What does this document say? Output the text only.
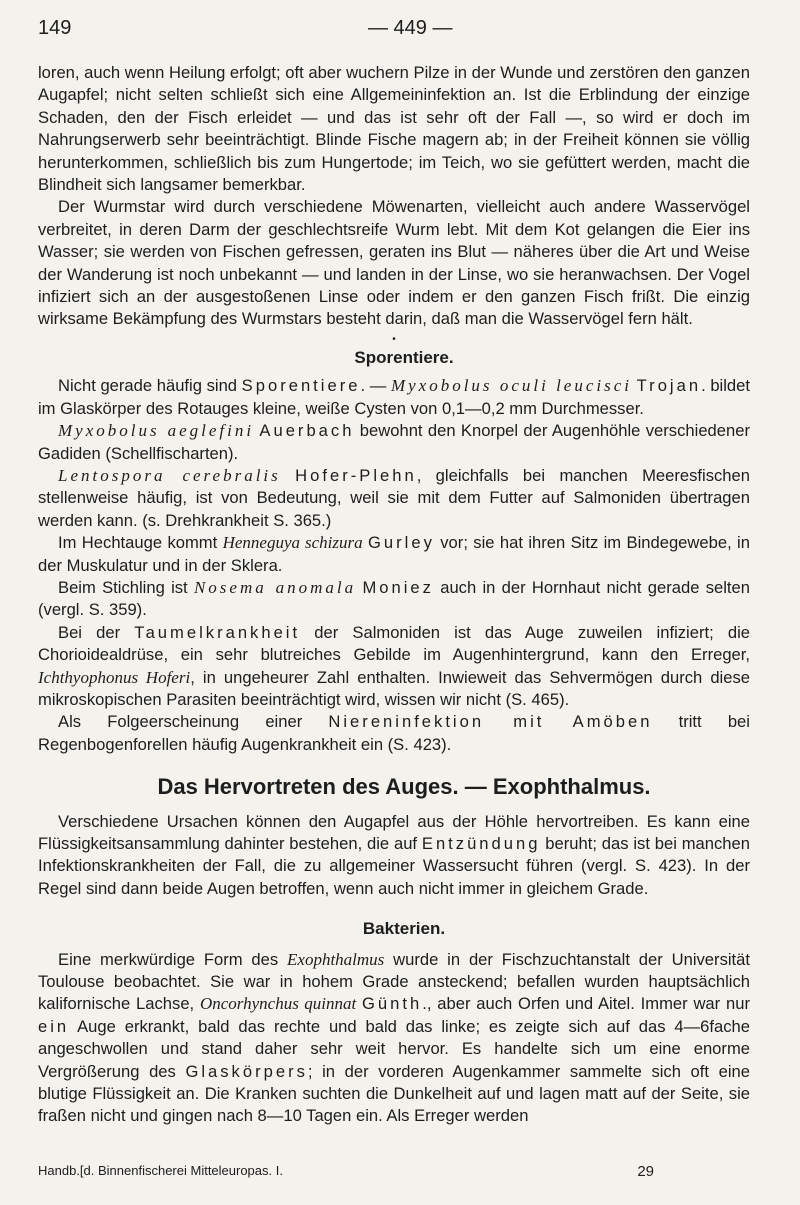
149	— 449 —

loren, auch wenn Heilung erfolgt; oft aber wuchern Pilze in der Wunde und zerstören den ganzen Augapfel; nicht selten schließt sich eine Allgemeininfektion an. Ist die Erblindung der einzige Schaden, den der Fisch erleidet — und das ist sehr oft der Fall —, so wird er doch im Nahrungserwerb sehr beeinträchtigt. Blinde Fische magern ab; in der Freiheit können sie völlig herunterkommen, schließlich bis zum Hungertode; im Teich, wo sie gefüttert werden, macht die Blindheit sich langsamer bemerkbar.

Der Wurmstar wird durch verschiedene Möwenarten, vielleicht auch andere Wasservögel verbreitet, in deren Darm der geschlechtsreife Wurm lebt. Mit dem Kot gelangen die Eier ins Wasser; sie werden von Fischen gefressen, geraten ins Blut — näheres über die Art und Weise der Wanderung ist noch unbekannt — und landen in der Linse, wo sie heranwachsen. Der Vogel infiziert sich an der ausgestoßenen Linse oder indem er den ganzen Fisch frißt. Die einzig wirksame Bekämpfung des Wurmstars besteht darin, daß man die Wasservögel fern hält.

•

Sporentiere.

Nicht gerade häufig sind Sporentiere. — Myxobolus oculi leucisci Trojan. bildet im Glaskörper des Rotauges kleine, weiße Cysten von 0,1—0,2 mm Durchmesser.

Myxobolus aeglefini Auerbach bewohnt den Knorpel der Augenhöhle verschiedener Gadiden (Schellfischarten).

Lentospora cerebralis Hofer-Plehn, gleichfalls bei manchen Meeresfischen stellenweise häufig, ist von Bedeutung, weil sie mit dem Futter auf Salmoniden übertragen werden kann. (s. Drehkrankheit S. 365.)

Im Hechtauge kommt Henneguya schizura Gurley vor; sie hat ihren Sitz im Bindegewebe, in der Muskulatur und in der Sklera.

Beim Stichling ist Nosema anomala Moniez auch in der Hornhaut nicht gerade selten (vergl. S. 359).

Bei der Taumelkrankheit der Salmoniden ist das Auge zuweilen infiziert; die Chorioidealdrüse, ein sehr blutreiches Gebilde im Augenhintergrund, kann den Erreger, Ichthyophonus Hoferi, in ungeheurer Zahl enthalten. Inwieweit das Sehvermögen durch diese mikroskopischen Parasiten beeinträchtigt wird, wissen wir nicht (S. 465).

Als Folgeerscheinung einer Niereninfektion mit Amöben tritt bei Regenbogenforellen häufig Augenkrankheit ein (S. 423).

Das Hervortreten des Auges. — Exophthalmus.

Verschiedene Ursachen können den Augapfel aus der Höhle hervortreiben. Es kann eine Flüssigkeitsansammlung dahinter bestehen, die auf Entzündung beruht; das ist bei manchen Infektionskrankheiten der Fall, die zu allgemeiner Wassersucht führen (vergl. S. 423). In der Regel sind dann beide Augen betroffen, wenn auch nicht immer in gleichem Grade.

Bakterien.

Eine merkwürdige Form des Exophthalmus wurde in der Fischzuchtanstalt der Universität Toulouse beobachtet. Sie war in hohem Grade ansteckend; befallen wurden hauptsächlich kalifornische Lachse, Oncorhynchus quinnat Günth., aber auch Orfen und Aitel. Immer war nur ein Auge erkrankt, bald das rechte und bald das linke; es zeigte sich auf das 4—6fache angeschwollen und stand daher sehr weit hervor. Es handelte sich um eine enorme Vergrößerung des Glaskörpers; in der vorderen Augenkammer sammelte sich oft eine blutige Flüssigkeit an. Die Kranken suchten die Dunkelheit auf und lagen matt auf der Seite, sie fraßen nicht und gingen nach 8—10 Tagen ein. Als Erreger werden

Handb.[d. Binnenfischerei Mitteleuropas. I.	29
